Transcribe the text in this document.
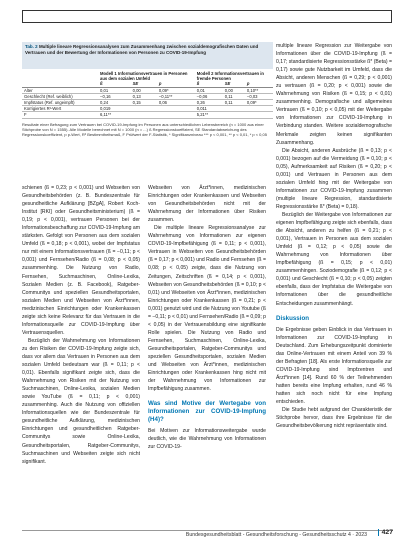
Tab. 2 Multiple lineare Regressionsanalysen zum Zusammenhang zwischen sozialdemografischen Daten und Vertrauen und der Bewertung der Informationen von Personen zu COVID-19-Impfung
	Modell 1 Informationsvertrauen in Personen aus dem sozialen Umfeld			Modell 2 Informationsvertrauen in fremde Personen		
	ß	SE	p	ß	SE	p
Alter	0,01	0,00	0,09*	0,01	0,00	0,10**
Geschlecht (Ref. weiblich)	−0,16	0,13	−0,11**	−0,06	0,11	−0,03
Impfstatus (Ref. ungeimpft)	0,24	0,15	0,06	0,26	0,11	0,09*
Korrigiertes R²-Wert	0,019			0,011		
F	6,11**			5,21**		
Resultate einer Befragung zum Vertrauen bei COVID-19-Impfung im Personen aus unterschiedlichen Lebensbereich (n = 1000 aus einer Stichprobe von N = 1555). Alle Modelle berechnet mit N = 1000 (n = ...) ß Regressionskoeffizient, SE Standardabweichung des Regressionskoeffizient, p p-Wert, R² Bestimmtheitsmaß, F Prüfwert der F-Statistik, * Signifikanzniveau *** p < 0,001, ** p < 0,01, * p < 0,05

schienen (ß = 0,23; p < 0,001) und Webseiten von Gesundheitsbehörden (z. B. Bundeszentrale für gesundheitliche Aufklärung [BZgA], Robert Koch-Institut [RKI] oder Gesundheitsministerium) (ß = 0,19; p < 0,001), vertrauen Personen bei der Informationsbeschaffung zur COVID-19-Impfung am stärksten. Gefolgt von Personen aus dem sozialen Umfeld (ß = 0,18; p < 0,001), wobei der Impfstatus nur mit einem Informationsvertrauen (ß = −0,11; p < 0,001) und Fernsehen/Radio (ß = 0,08; p < 0,05) zusammenhing. Die Nutzung von Radio, Fernsehen, Suchmaschinen, Online-Lexika, Sozialen Medien (z. B. Facebook), Ratgeber-Communitys und speziellen Gesundheitsportalen, sozialen Medien und Webseiten von Ärzt*innen, medizinischen Einrichtungen oder Krankenkassen zeigte sich keine Relevanz für das Vertrauen in die Informationsquelle zur COVID-19-Impfung über Vertrauensquellen.

Bezüglich der Wahrnehmung von Informationen zu den Risiken der COVID-19-Impfung zeigte sich, dass vor allem das Vertrauen in Personen aus dem sozialen Umfeld bedeutsam war (ß = 0,11; p < 0,01). Ebenfalls signifikant zeigte sich, dass die Wahrnehmung von Risiken mit der Nutzung von Suchmaschinen, Online-Lexika, sozialen Medien sowie YouTube (ß = 0,11; p < 0,001) zusammenhing. Auch die Nutzung von offiziellen Informationsquellen wie der Bundeszentrale für gesundheitliche Aufklärung, medizinischen Einrichtungen und gesundheitlichen Ratgeber-Communitys sowie Online-Lexika, Gesundheitsportalen, Ratgeber-Communitys, Suchmaschinen und Webseiten zeigte sich nicht signifikant.

Webseiten von Ärzt*innen, medizinischen Einrichtungen oder Krankenkassen und Webseiten von Gesundheitsbehörden nicht mit der Wahrnehmung der Informationen über Risiken zusammen.

Die multiple lineare Regressionsanalyse zur Wahrnehmung von Informationen zur eigenen COVID-19-Impfbefähigung (ß = 0,11; p < 0,001), Vertrauen in Webseiten von Gesundheitsbehörden (ß = 0,17; p < 0,001) und Radio und Fernsehen (ß = 0,08; p < 0,05) zeigte, dass die Nutzung von Zeitungen, Zeitschriften (ß = 0,14; p < 0,001), Webseiten von Gesundheitsbehörden (ß = 0,10; p < 0,01) und Webseiten von Ärzt*innen, medizinischen Einrichtungen oder Krankenkassen (ß = 0,21; p < 0,001) genutzt wird und die Nutzung von Youtube (ß = −0,11; p < 0,01) und Fernsehen/Radio (ß = 0,09; p < 0,05) in der Vertrauensbildung eine signifikante Rolle spielen. Die Nutzung von Radio und Fernsehen, Suchmaschinen, Online-Lexika, Gesundheitsportalen, Ratgeber-Communitys und speziellen Gesundheitsportalen, sozialen Medien und Webseiten von Ärzt*innen, medizinischen Einrichtungen oder Krankenkassen hing nicht mit der Wahrnehmung von Informationen zur Impfbefähigung zusammen.

Was sind Motive der Wertegabe von Informationen zur COVID-19-Impfung (H4)?

Bei Motiven zur Informationsweitergabe wurde deutlich, wie die Wahrnehmung von Informationen zur COVID-19-

multiple lineare Regression zur Weitergabe von Informationen über die COVID-19-Impfung (ß = 0,17; standardisierte Regressionsstärke ß* (Beta) = 0,17) sowie gute Nutzbarkeit im Umfeld, dass die Absicht, anderen Menschen (ß = 0,29; p < 0,001) zu vertrauen (ß = 0,20; p < 0,001) sowie die Wahrnehmung von Risiken (ß = 0,15; p < 0,01) zusammenhing. Demografische und allgemeines Vertrauen (ß = 0,10; p < 0,05) mit der Weitergabe von Informationen zur COVID-19-Impfung in Verbindung standen. Weitere sozialdemografische Merkmale zeigten keinen signifikanten Zusammenhang.

Die Absicht, anderen Ausbrüche (ß = 0,13; p < 0,001) bezogen auf die Vermeidung (ß = 0,10; p < 0,05), Aufmerksamkeit auf Risiken (ß = 0,20; p < 0,001) und Vertrauen in Personen aus dem sozialen Umfeld hing mit der Weitergabe von Informationen zur COVID-19-Impfung zusammen (multiple lineare Regression, standardisierte Regressionsstärke ß* (Beta) = 0,18).

Bezüglich der Weitergabe von Informationen zur eigenen Impfbefähigung zeigte sich ebenfalls, dass die Absicht, anderen zu helfen (ß = 0,21; p < 0,001), Vertrauen in Personen aus dem sozialen Umfeld (ß = 0,12; p < 0,05) sowie die Wahrnehmung von Informationen über Impfbefähigung (ß = 0,15; p < 0,01) zusammenhingen. Soziodemografie (ß = 0,12; p < 0,001) und Geschlecht (ß = 0,10; p < 0,05) zeigten ebenfalls, dass der Impfstatus die Weitergabe von Informationen über die gesundheitliche Entscheidungen zusammenhängt.

Diskussion

Die Ergebnisse geben Einblick in das Vertrauen in Informationen zur COVID-19-Impfung in Deutschland. Zum Erhebungszeitpunkt dominierte das Online-Vertrauen mit einem Anteil von 39 % der Befragten [18]. Als erste Informationsquelle zur COVID-19-Impfung sind Impfzentren und Ärzt*innen [14]. Rund 60 % der Teilnehmenden hatten bereits eine Impfung erhalten, rund 46 % hatten sich noch nicht für eine Impfung entschieden.

Die Studie hebt aufgrund der Charakteristik der Stichprobe hervor, dass ihre Ergebnisse für die Gesundheitsbevölkerung nicht repräsentativ sind.

Bundesgesundheitsblatt - Gesundheitsforschung - Gesundheitsschutz 4 · 2023	427
